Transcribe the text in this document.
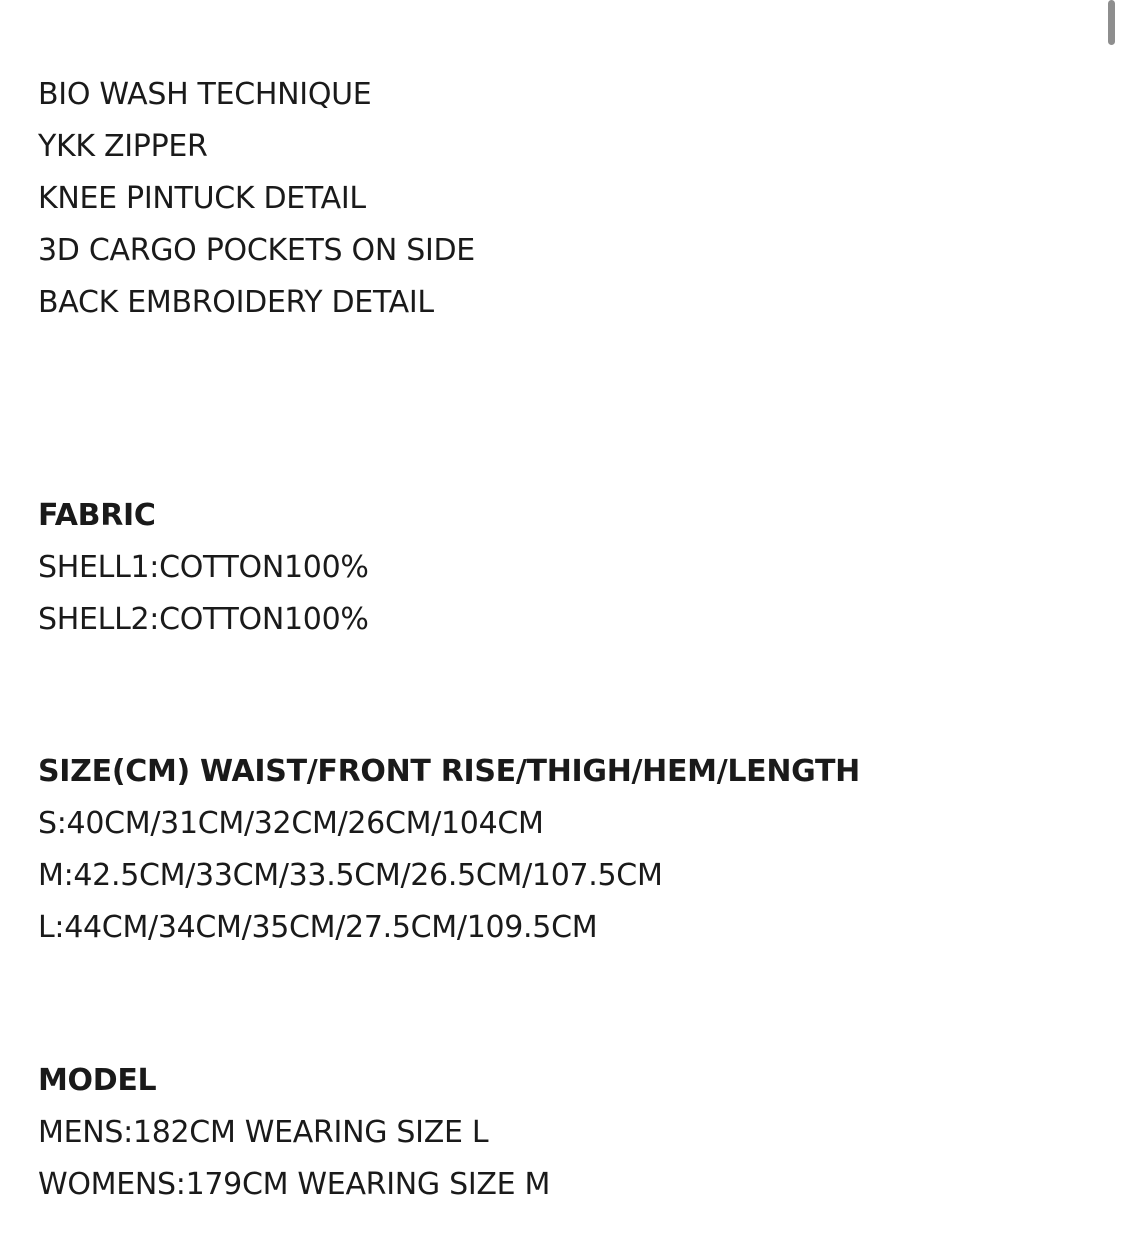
BIO WASH TECHNIQUE
YKK ZIPPER
KNEE PINTUCK DETAIL
3D CARGO POCKETS ON SIDE
BACK EMBROIDERY DETAIL
FABRIC
SHELL1:COTTON100%
SHELL2:COTTON100%
SIZE(CM) WAIST/FRONT RISE/THIGH/HEM/LENGTH
S:40CM/31CM/32CM/26CM/104CM
M:42.5CM/33CM/33.5CM/26.5CM/107.5CM
L:44CM/34CM/35CM/27.5CM/109.5CM
MODEL
MENS:182CM WEARING SIZE L
WOMENS:179CM WEARING SIZE M
